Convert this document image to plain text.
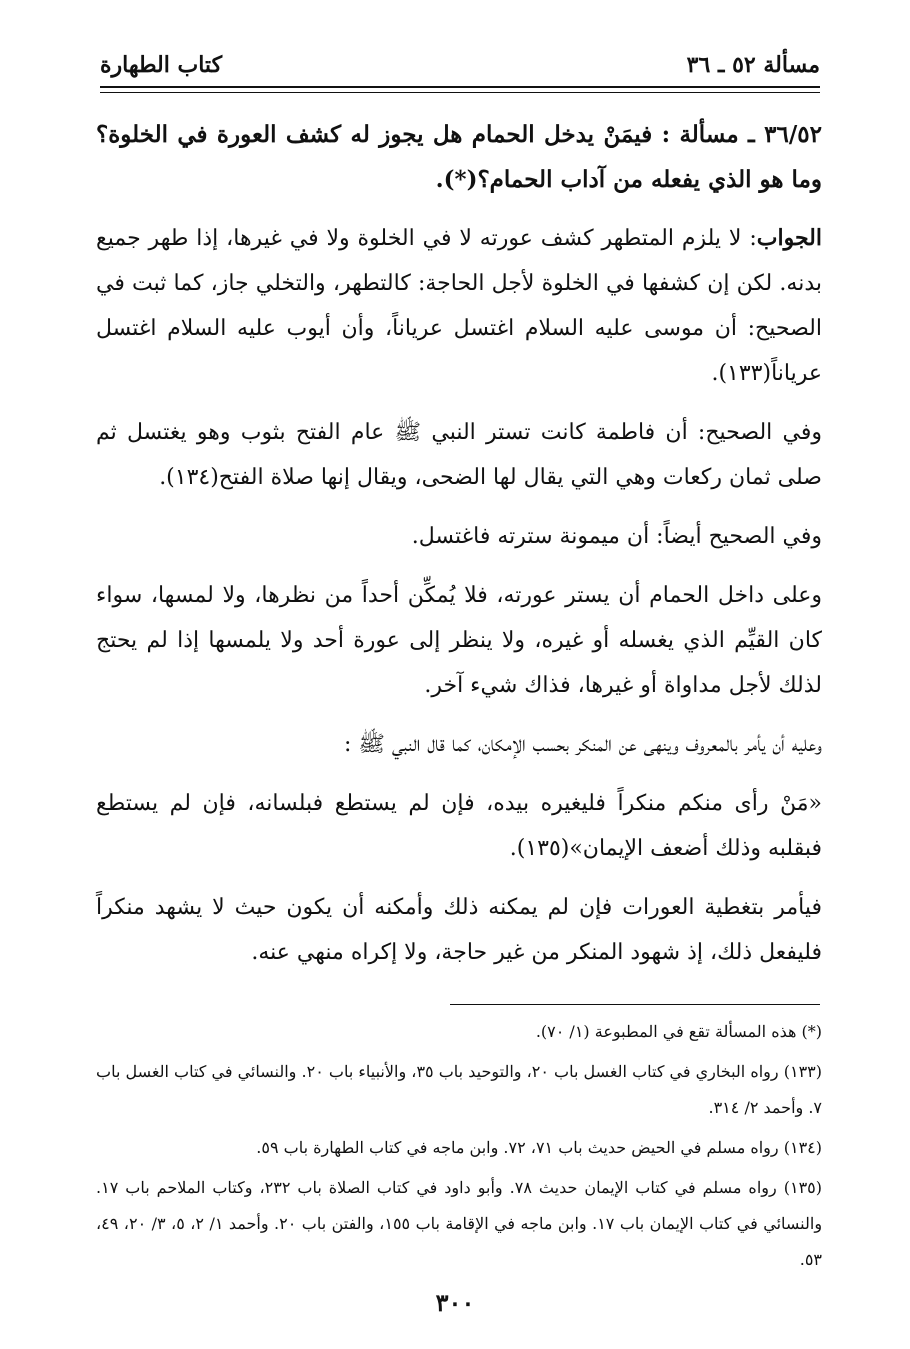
مسألة ٥٢ ـ ٣٦
كتاب الطهارة

٣٦/٥٢ ـ مسألة : فيمَنْ يدخل الحمام هل يجوز له كشف العورة في الخلوة؟ وما هو الذي يفعله من آداب الحمام؟(*).

الجواب: لا يلزم المتطهر كشف عورته لا في الخلوة ولا في غيرها، إذا طهر جميع بدنه. لكن إن كشفها في الخلوة لأجل الحاجة: كالتطهر، والتخلي جاز، كما ثبت في الصحيح: أن موسى عليه السلام اغتسل عرياناً، وأن أيوب عليه السلام اغتسل عرياناً(١٣٣).

وفي الصحيح: أن فاطمة كانت تستر النبي ﷺ عام الفتح بثوب وهو يغتسل ثم صلى ثمان ركعات وهي التي يقال لها الضحى، ويقال إنها صلاة الفتح(١٣٤).

وفي الصحيح أيضاً: أن ميمونة سترته فاغتسل.

وعلى داخل الحمام أن يستر عورته، فلا يُمكِّن أحداً من نظرها، ولا لمسها، سواء كان القيِّم الذي يغسله أو غيره، ولا ينظر إلى عورة أحد ولا يلمسها إذا لم يحتج لذلك لأجل مداواة أو غيرها، فذاك شيء آخر.

وعليه أن يأمر بالمعروف وينهى عن المنكر بحسب الإمكان، كما قال النبي ﷺ :

«مَنْ رأى منكم منكراً فليغيره بيده، فإن لم يستطع فبلسانه، فإن لم يستطع فبقلبه وذلك أضعف الإيمان»(١٣٥).

فيأمر بتغطية العورات فإن لم يمكنه ذلك وأمكنه أن يكون حيث لا يشهد منكراً فليفعل ذلك، إذ شهود المنكر من غير حاجة، ولا إكراه منهي عنه.

(*) هذه المسألة تقع في المطبوعة (١/ ٧٠).

(١٣٣) رواه البخاري في كتاب الغسل باب ٢٠، والتوحيد باب ٣٥، والأنبياء باب ٢٠. والنسائي في كتاب الغسل باب ٧. وأحمد ٢/ ٣١٤.

(١٣٤) رواه مسلم في الحيض حديث باب ٧١، ٧٢. وابن ماجه في كتاب الطهارة باب ٥٩.

(١٣٥) رواه مسلم في كتاب الإيمان حديث ٧٨. وأبو داود في كتاب الصلاة باب ٢٣٢، وكتاب الملاحم باب ١٧. والنسائي في كتاب الإيمان باب ١٧. وابن ماجه في الإقامة باب ١٥٥، والفتن باب ٢٠. وأحمد ١/ ٢، ٥، ٣/ ٢٠، ٤٩، ٥٣.

٣٠٠
